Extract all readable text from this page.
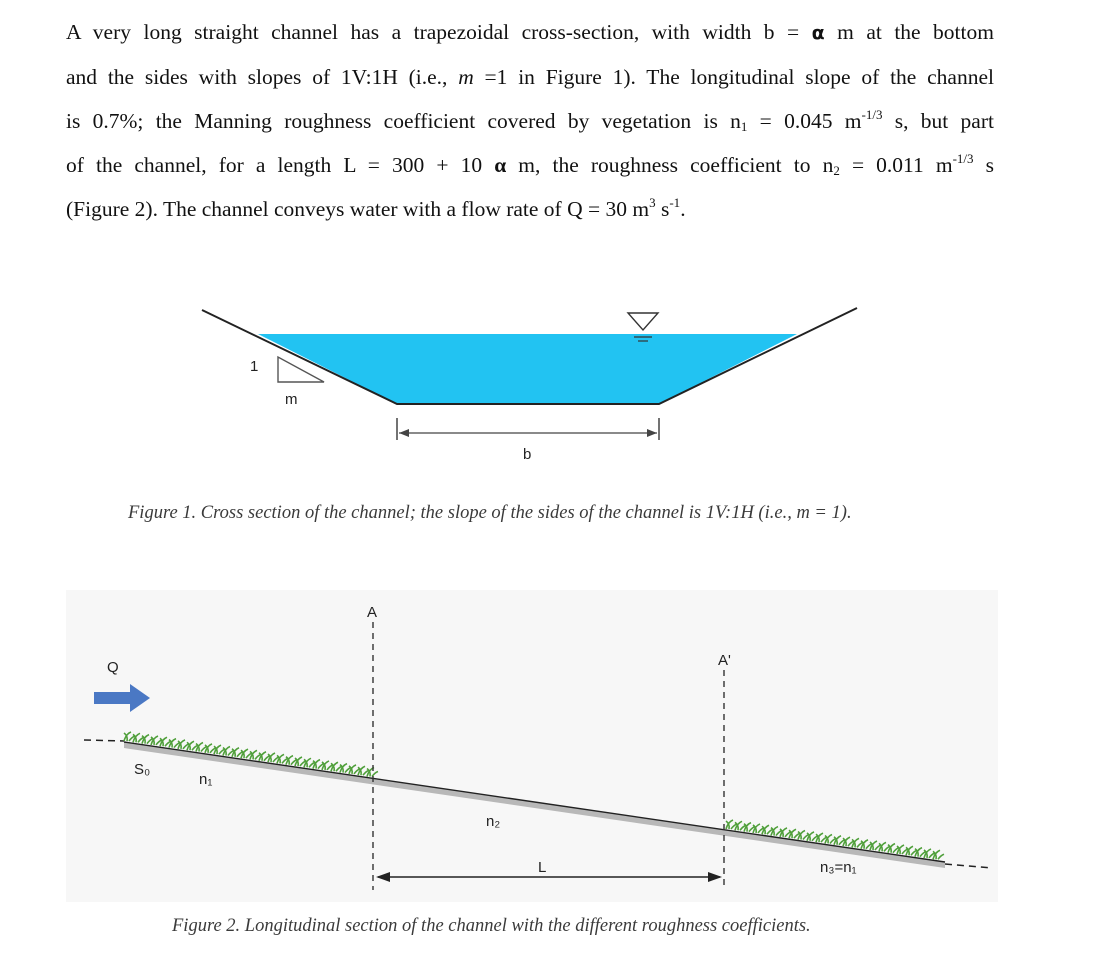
A very long straight channel has a trapezoidal cross-section, with width b = α m at the bottom
and the sides with slopes of 1V:1H (i.e., m =1 in Figure 1). The longitudinal slope of the channel
is 0.7%; the Manning roughness coefficient covered by vegetation is $n_1 = 0.045$ $m^{-1/3}$ s, but part
of the channel, for a length L = 300 + 10 α m, the roughness coefficient to $n_2 = 0.011$ $m^{-1/3}$ s
(Figure 2). The channel conveys water with a flow rate of Q = 30 $m^3$ $s^{-1}$.
1
m
b
Figure 1. Cross section of the channel; the slope of the sides of the channel is 1V:1H (i.e., m = 1).
Q
A
A'
S₀
n₁
n₂
L	n₃=n₁
Figure 2. Longitudinal section of the channel with the different roughness coefficients.
